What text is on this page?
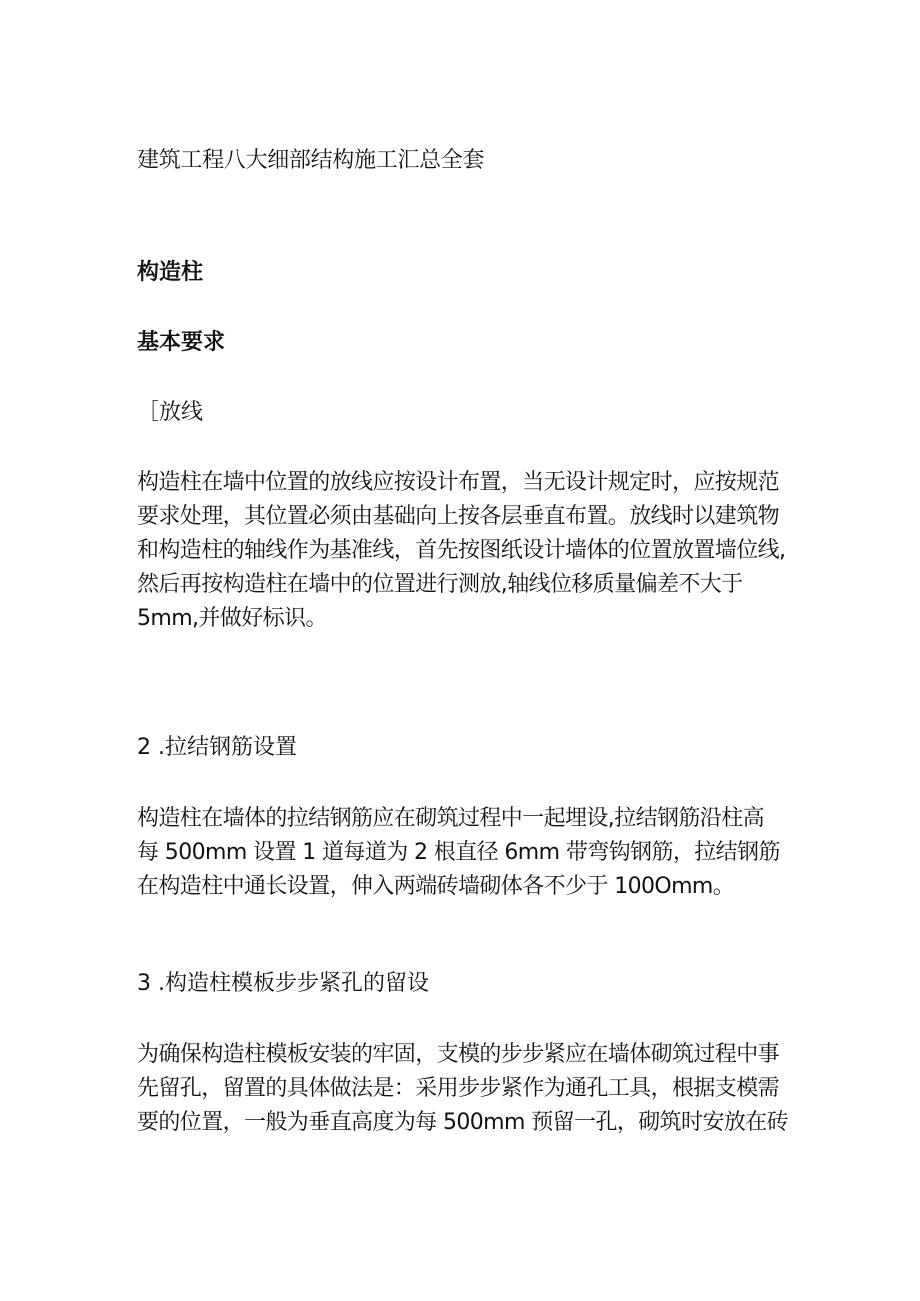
建筑工程八大细部结构施工汇总全套
构造柱
基本要求
［放线
构造柱在墙中位置的放线应按设计布置，当无设计规定时，应按规范
要求处理，其位置必须由基础向上按各层垂直布置。放线时以建筑物
和构造柱的轴线作为基准线，首先按图纸设计墙体的位置放置墙位线,
然后再按构造柱在墙中的位置进行测放,轴线位移质量偏差不大于
5mm,并做好标识。
2 .拉结钢筋设置
构造柱在墙体的拉结钢筋应在砌筑过程中一起埋设,拉结钢筋沿柱高
每 500mm 设置 1 道每道为 2 根直径 6mm 带弯钩钢筋，拉结钢筋
在构造柱中通长设置，伸入两端砖墙砌体各不少于 100Omm。
3 .构造柱模板步步紧孔的留设
为确保构造柱模板安装的牢固，支模的步步紧应在墙体砌筑过程中事
先留孔，留置的具体做法是：采用步步紧作为通孔工具，根据支模需
要的位置，一般为垂直高度为每 500mm 预留一孔，砌筑时安放在砖
